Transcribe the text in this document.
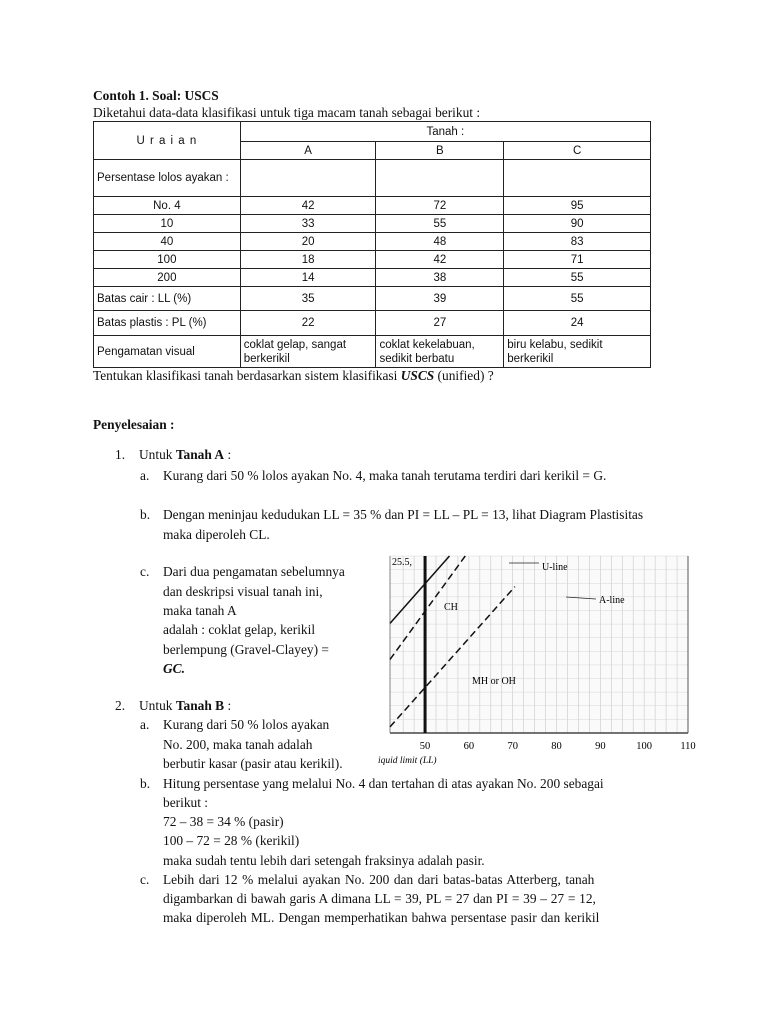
Contoh 1. Soal: USCS
Diketahui data-data klasifikasi untuk tiga macam tanah sebagai berikut :
U r a i a n	Tanah :		
	A	B	C
Persentase lolos ayakan :			
No. 4	42	72	95
10	33	55	90
40	20	48	83
100	18	42	71
200	14	38	55
Batas cair : LL (%)	35	39	55
Batas plastis : PL (%)	22	27	24
Pengamatan visual	coklat gelap, sangat berkerikil	coklat kekelabuan, sedikit berbatu	biru kelabu, sedikit berkerikil
Tentukan klasifikasi tanah berdasarkan sistem klasifikasi USCS (unified) ?
Penyelesaian :
1. Untuk Tanah A :
a. Kurang dari 50 % lolos ayakan No. 4, maka tanah terutama terdiri dari kerikil = G.
b. Dengan meninjau kedudukan LL = 35 % dan PI = LL – PL = 13, lihat Diagram Plastisitas maka diperoleh CL.
c. Dari dua pengamatan sebelumnya
dan deskripsi visual tanah ini,
maka tanah A
adalah : coklat gelap, kerikil
berlempung (Gravel-Clayey) =
GC.
50	60	70	80	90	100	110
25.5,	U-line
A-line
CH
MH or OH
iquid limit (LL)
2. Untuk Tanah B :
a. Kurang dari 50 % lolos ayakan
No. 200, maka tanah adalah
berbutir kasar (pasir atau kerikil).
b. Hitung persentase yang melalui No. 4 dan tertahan di atas ayakan No. 200 sebagai
berikut :
72 – 38 = 34 % (pasir)
100 – 72 = 28 % (kerikil)
maka sudah tentu lebih dari setengah fraksinya adalah pasir.
c. Lebih dari 12 % melalui ayakan No. 200 dan dari batas-batas Atterberg, tanah
digambarkan di bawah garis A dimana LL = 39, PL = 27 dan PI = 39 – 27 = 12,
maka diperoleh ML. Dengan memperhatikan bahwa persentase pasir dan kerikil
